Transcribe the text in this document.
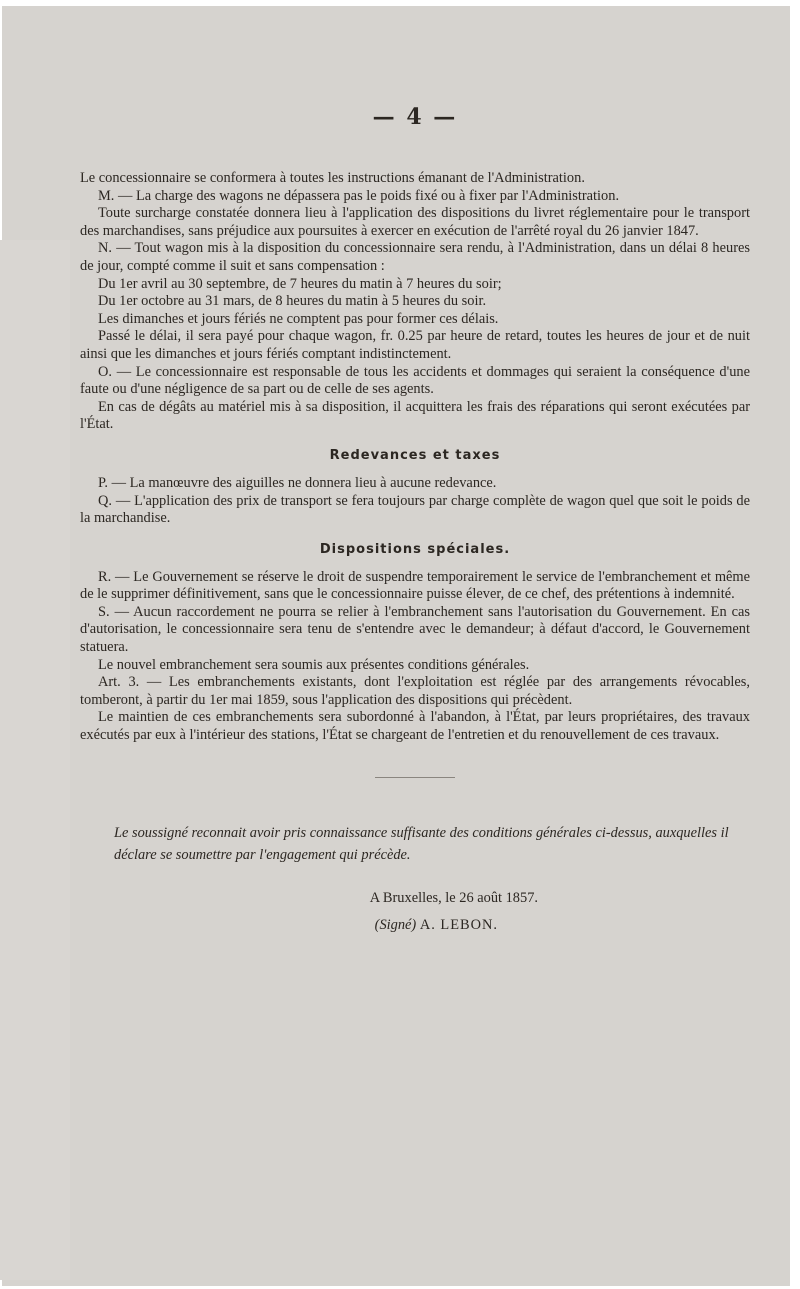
— 4 —

Le concessionnaire se conformera à toutes les instructions émanant de l'Administration.

M. — La charge des wagons ne dépassera pas le poids fixé ou à fixer par l'Administration.

Toute surcharge constatée donnera lieu à l'application des dispositions du livret réglementaire pour le transport des marchandises, sans préjudice aux poursuites à exercer en exécution de l'arrêté royal du 26 janvier 1847.

N. — Tout wagon mis à la disposition du concessionnaire sera rendu, à l'Administration, dans un délai 8 heures de jour, compté comme il suit et sans compensation :

Du 1er avril au 30 septembre, de 7 heures du matin à 7 heures du soir;

Du 1er octobre au 31 mars, de 8 heures du matin à 5 heures du soir.

Les dimanches et jours fériés ne comptent pas pour former ces délais.

Passé le délai, il sera payé pour chaque wagon, fr. 0.25 par heure de retard, toutes les heures de jour et de nuit ainsi que les dimanches et jours fériés comptant indistinctement.

O. — Le concessionnaire est responsable de tous les accidents et dommages qui seraient la conséquence d'une faute ou d'une négligence de sa part ou de celle de ses agents.

En cas de dégâts au matériel mis à sa disposition, il acquittera les frais des réparations qui seront exécutées par l'État.

Redevances et taxes

P. — La manœuvre des aiguilles ne donnera lieu à aucune redevance.

Q. — L'application des prix de transport se fera toujours par charge complète de wagon quel que soit le poids de la marchandise.

Dispositions spéciales.

R. — Le Gouvernement se réserve le droit de suspendre temporairement le service de l'embranchement et même de le supprimer définitivement, sans que le concessionnaire puisse élever, de ce chef, des prétentions à indemnité.

S. — Aucun raccordement ne pourra se relier à l'embranchement sans l'autorisation du Gouvernement. En cas d'autorisation, le concessionnaire sera tenu de s'entendre avec le demandeur; à défaut d'accord, le Gouvernement statuera.

Le nouvel embranchement sera soumis aux présentes conditions générales.

Art. 3. — Les embranchements existants, dont l'exploitation est réglée par des arrangements révocables, tomberont, à partir du 1er mai 1859, sous l'application des dispositions qui précèdent.

Le maintien de ces embranchements sera subordonné à l'abandon, à l'État, par leurs propriétaires, des travaux exécutés par eux à l'intérieur des stations, l'État se chargeant de l'entretien et du renouvellement de ces travaux.

Le soussigné reconnait avoir pris connaissance suffisante des conditions générales ci-dessus, auxquelles il déclare se soumettre par l'engagement qui précède.

A Bruxelles, le 26 août 1857.

(Signé) A. LEBON.
